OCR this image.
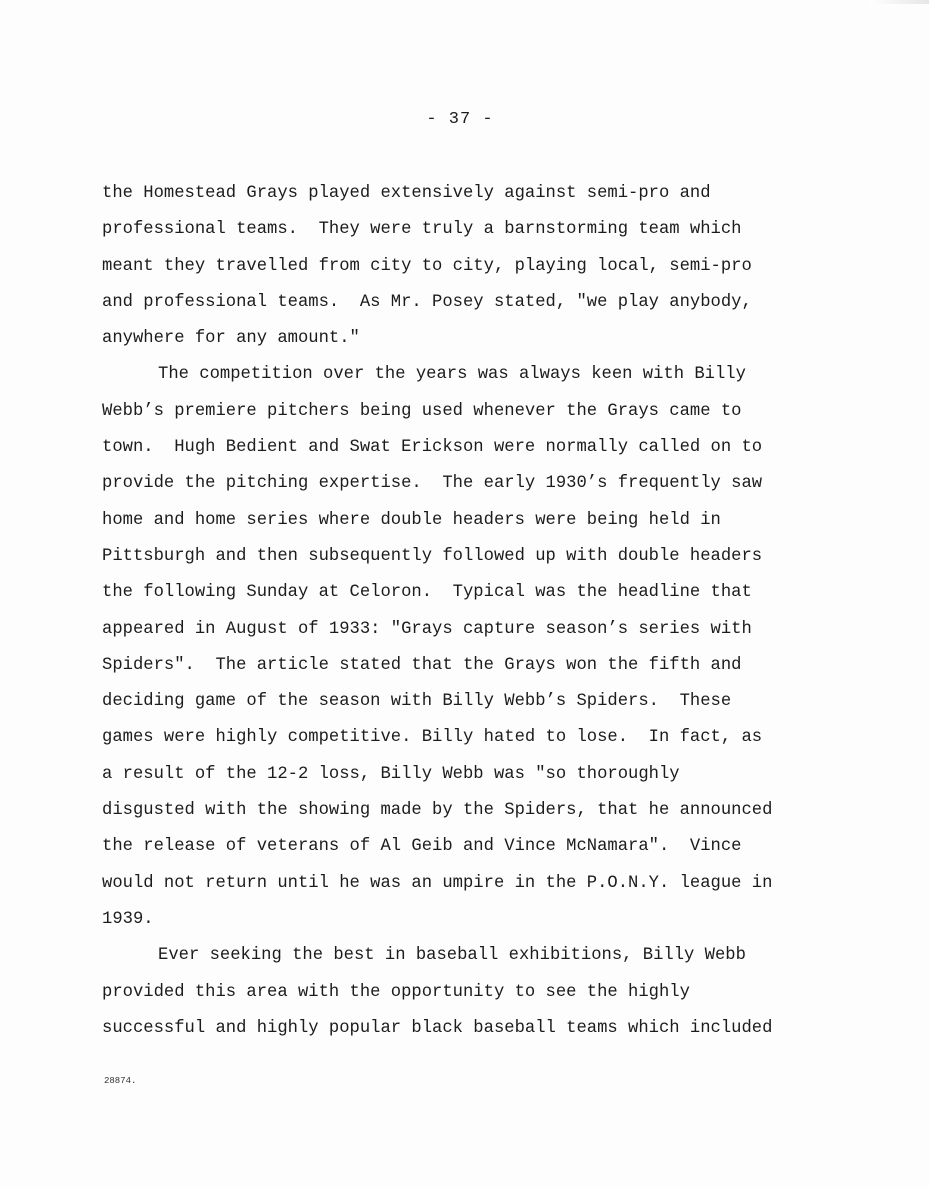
- 37 -
the Homestead Grays played extensively against semi-pro and
professional teams.  They were truly a barnstorming team which
meant they travelled from city to city, playing local, semi-pro
and professional teams.  As Mr. Posey stated, "we play anybody,
anywhere for any amount."
The competition over the years was always keen with Billy
Webb’s premiere pitchers being used whenever the Grays came to
town.  Hugh Bedient and Swat Erickson were normally called on to
provide the pitching expertise.  The early 1930’s frequently saw
home and home series where double headers were being held in
Pittsburgh and then subsequently followed up with double headers
the following Sunday at Celoron.  Typical was the headline that
appeared in August of 1933: "Grays capture season’s series with
Spiders".  The article stated that the Grays won the fifth and
deciding game of the season with Billy Webb’s Spiders.  These
games were highly competitive. Billy hated to lose.  In fact, as
a result of the 12-2 loss, Billy Webb was "so thoroughly
disgusted with the showing made by the Spiders, that he announced
the release of veterans of Al Geib and Vince McNamara".  Vince
would not return until he was an umpire in the P.O.N.Y. league in
1939.
Ever seeking the best in baseball exhibitions, Billy Webb
provided this area with the opportunity to see the highly
successful and highly popular black baseball teams which included
28874.
